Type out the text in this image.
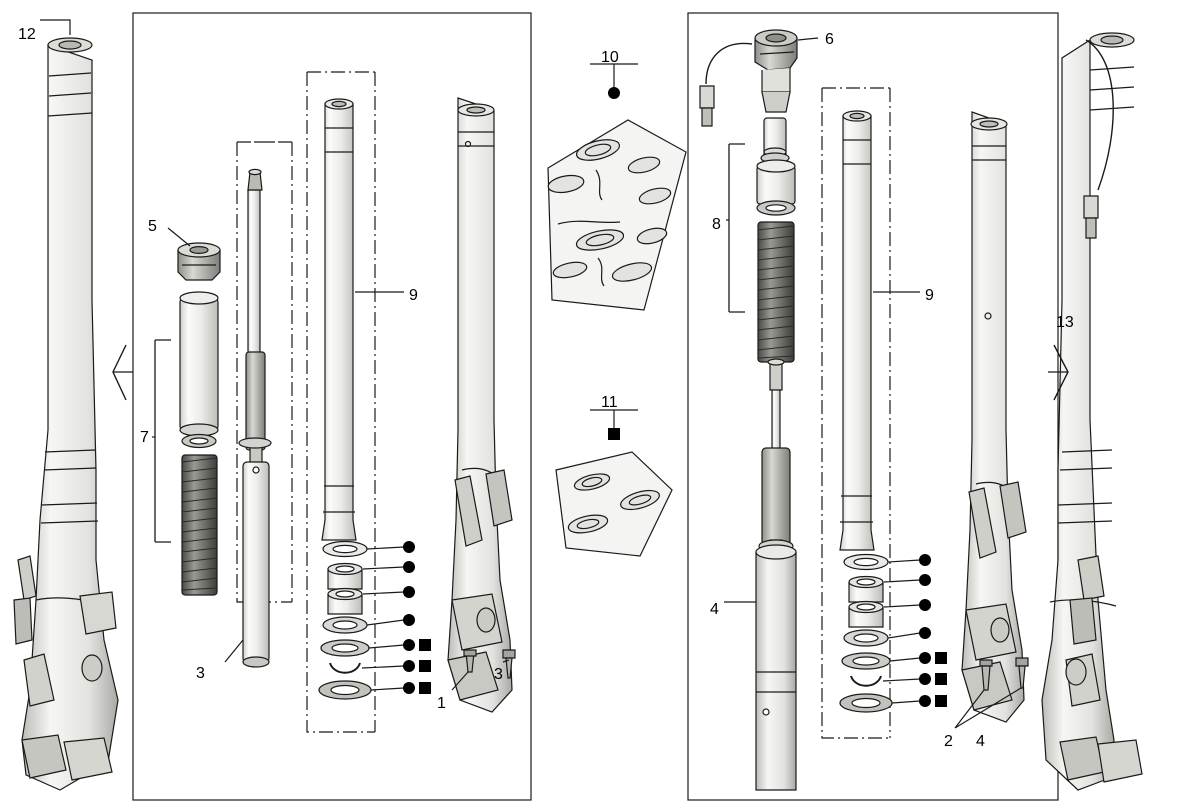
12
5
7
3
9
1
3
10
11
6
8
4
9
2 4
13
